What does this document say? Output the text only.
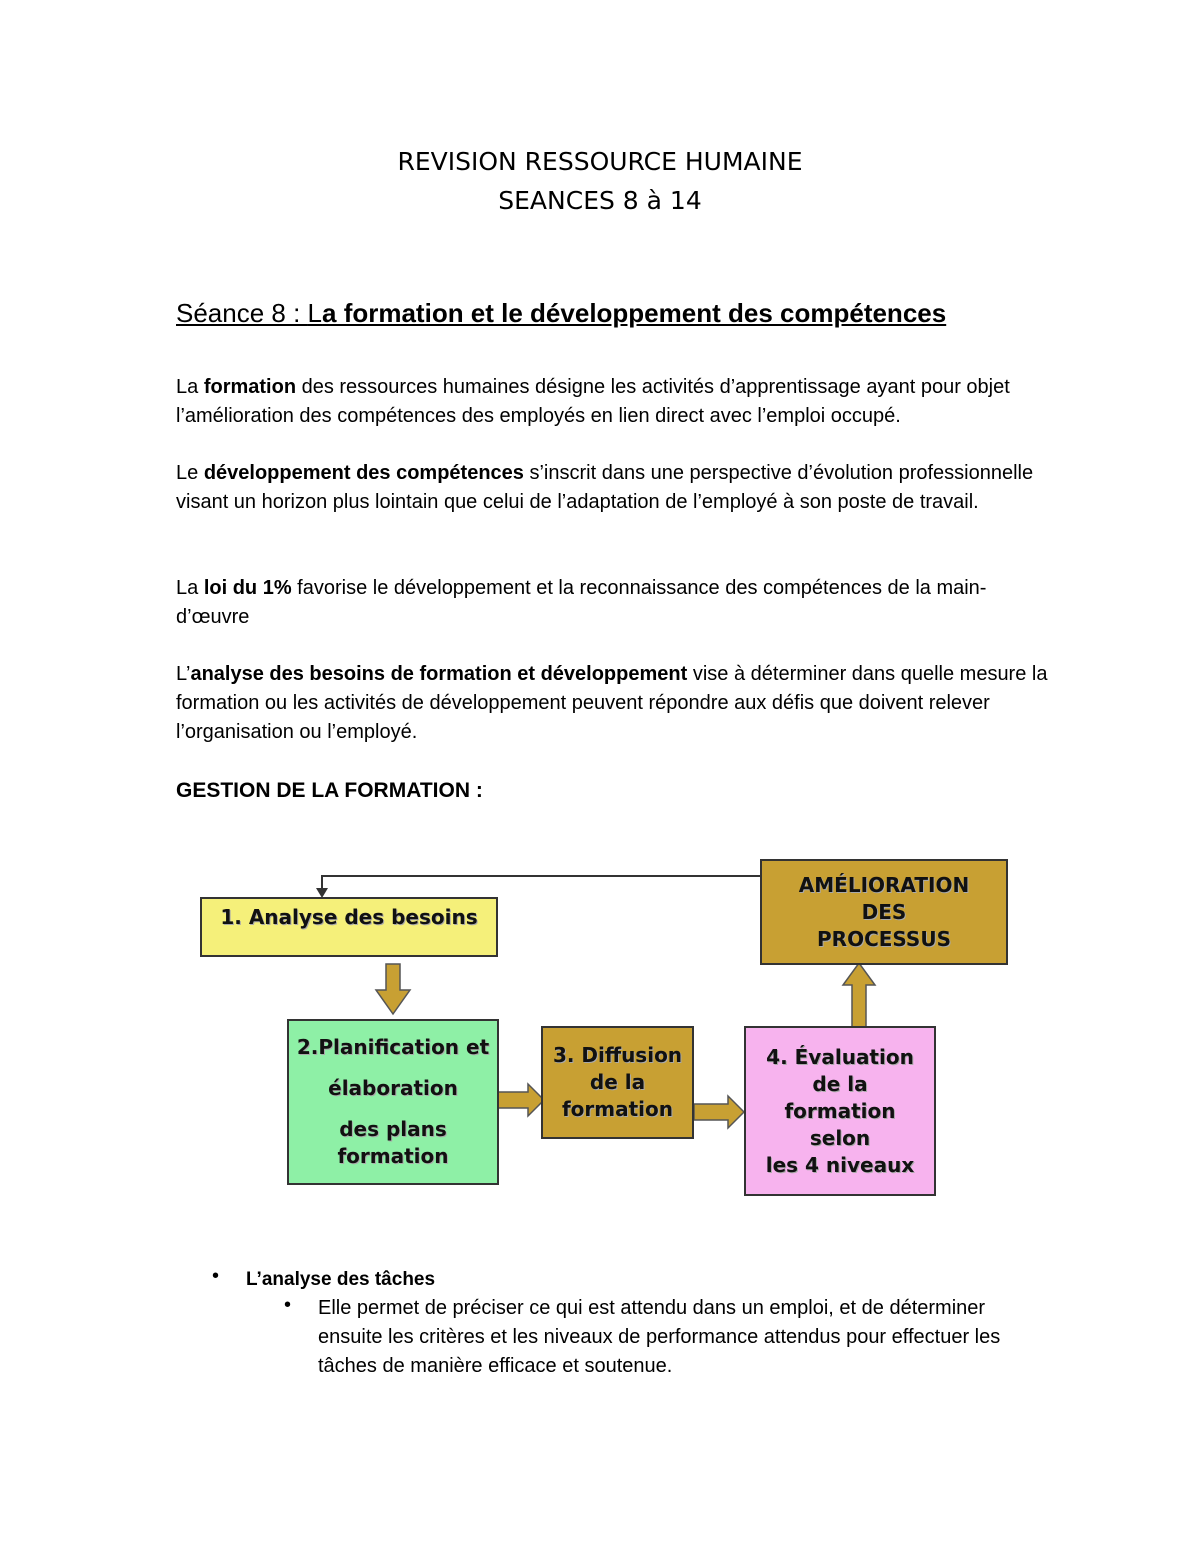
REVISION RESSOURCE HUMAINE
SEANCES 8 à 14
Séance 8 : La formation et le développement des compétences
La formation des ressources humaines désigne les activités d’apprentissage ayant pour objet l’amélioration des compétences des employés en lien direct avec l’emploi occupé.
Le développement des compétences s’inscrit dans une perspective d’évolution professionnelle visant un horizon plus lointain que celui de l’adaptation de l’employé à son poste de travail.
La loi du 1% favorise le développement et la reconnaissance des compétences de la main-d’œuvre
L’analyse des besoins de formation et développement vise à déterminer dans quelle mesure la formation ou les activités de développement peuvent répondre aux défis que doivent relever l’organisation ou l’employé.
GESTION DE LA FORMATION :
1. Analyse des besoins
2.Planification et
élaboration
des plans
formation
3. Diffusion
de la
formation
4. Évaluation
de la
formation
selon
les 4 niveaux
AMÉLIORATION
DES
PROCESSUS
• L’analyse des tâches
• Elle permet de préciser ce qui est attendu dans un emploi, et de déterminer ensuite les critères et les niveaux de performance attendus pour effectuer les tâches de manière efficace et soutenue.
